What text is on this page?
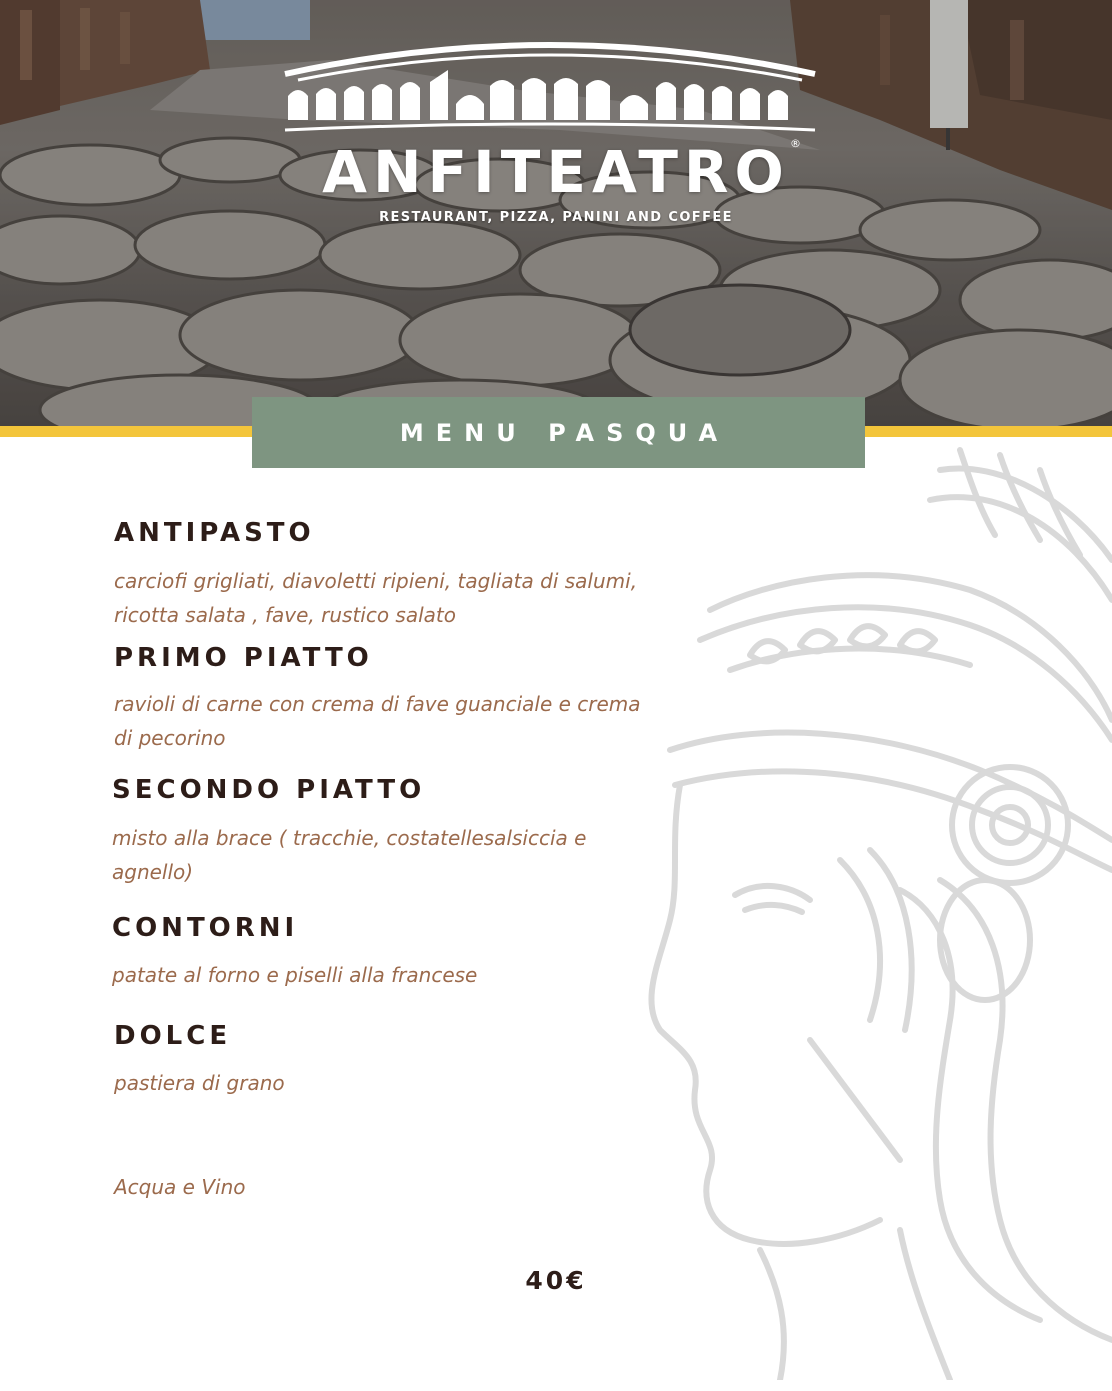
ANFITEATRO ®
RESTAURANT, PIZZA, PANINI AND COFFEE
MENU PASQUA
ANTIPASTO
carciofi grigliati, diavoletti ripieni, tagliata di salumi,
ricotta salata , fave, rustico salato
PRIMO PIATTO
ravioli di carne con crema di fave guanciale e crema
di pecorino
SECONDO PIATTO
misto alla brace ( tracchie, costatellesalsiccia e
agnello)
CONTORNI
patate al forno e piselli alla francese
DOLCE
pastiera di grano
Acqua e Vino
40€
